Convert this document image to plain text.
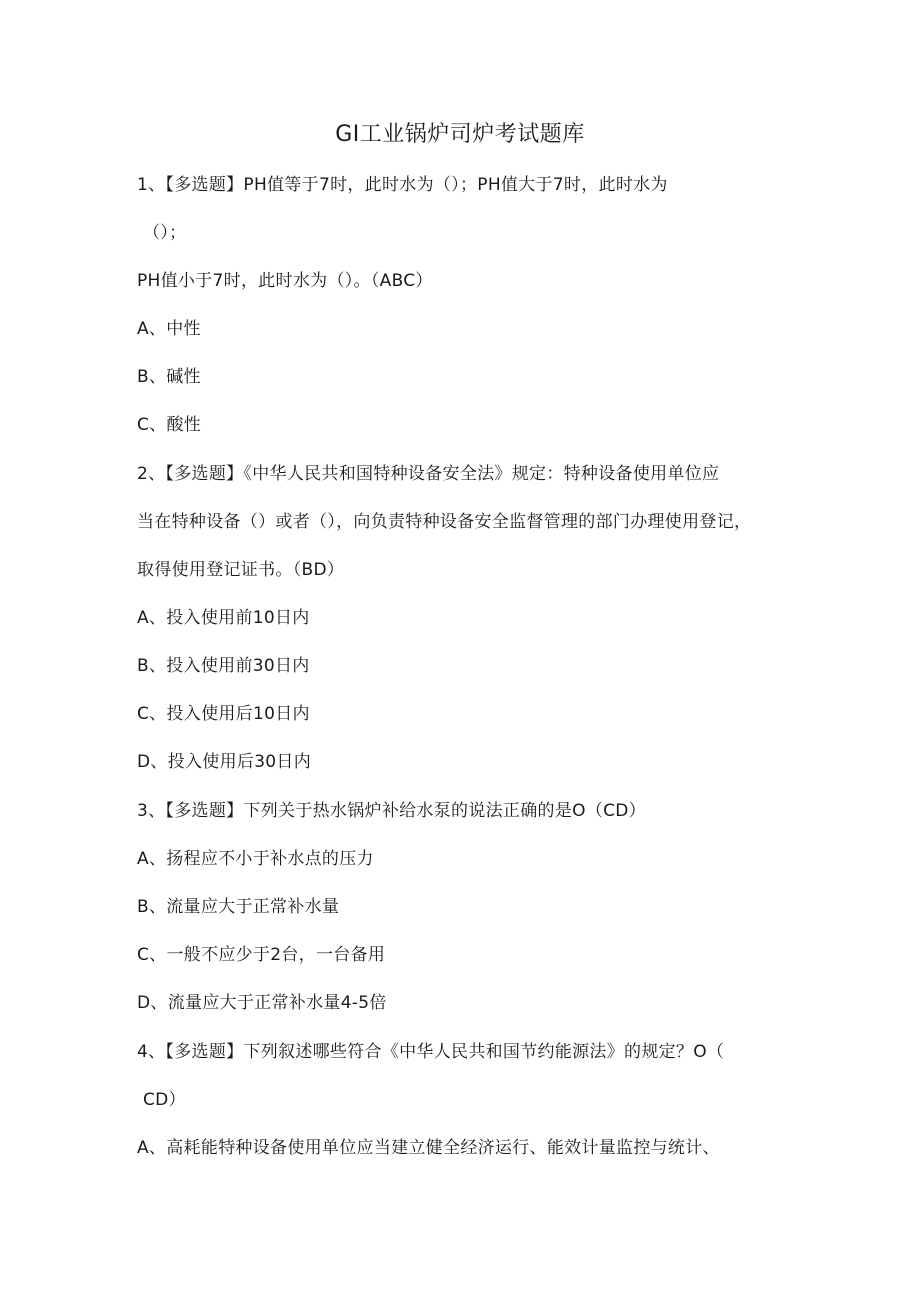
GI工业锅炉司炉考试题库
1、【多选题】PH值等于7时，此时水为（）；PH值大于7时，此时水为
（）；
PH值小于7时，此时水为（）。（ABC）
A、中性
B、碱性
C、酸性
2、【多选题】《中华人民共和国特种设备安全法》规定：特种设备使用单位应
当在特种设备（）或者（），向负责特种设备安全监督管理的部门办理使用登记，
取得使用登记证书。（BD）
A、投入使用前10日内
B、投入使用前30日内
C、投入使用后10日内
D、投入使用后30日内
3、【多选题】下列关于热水锅炉补给水泵的说法正确的是O（CD）
A、扬程应不小于补水点的压力
B、流量应大于正常补水量
C、一般不应少于2台，一台备用
D、流量应大于正常补水量4-5倍
4、【多选题】下列叙述哪些符合《中华人民共和国节约能源法》的规定？O（
CD）
A、高耗能特种设备使用单位应当建立健全经济运行、能效计量监控与统计、
